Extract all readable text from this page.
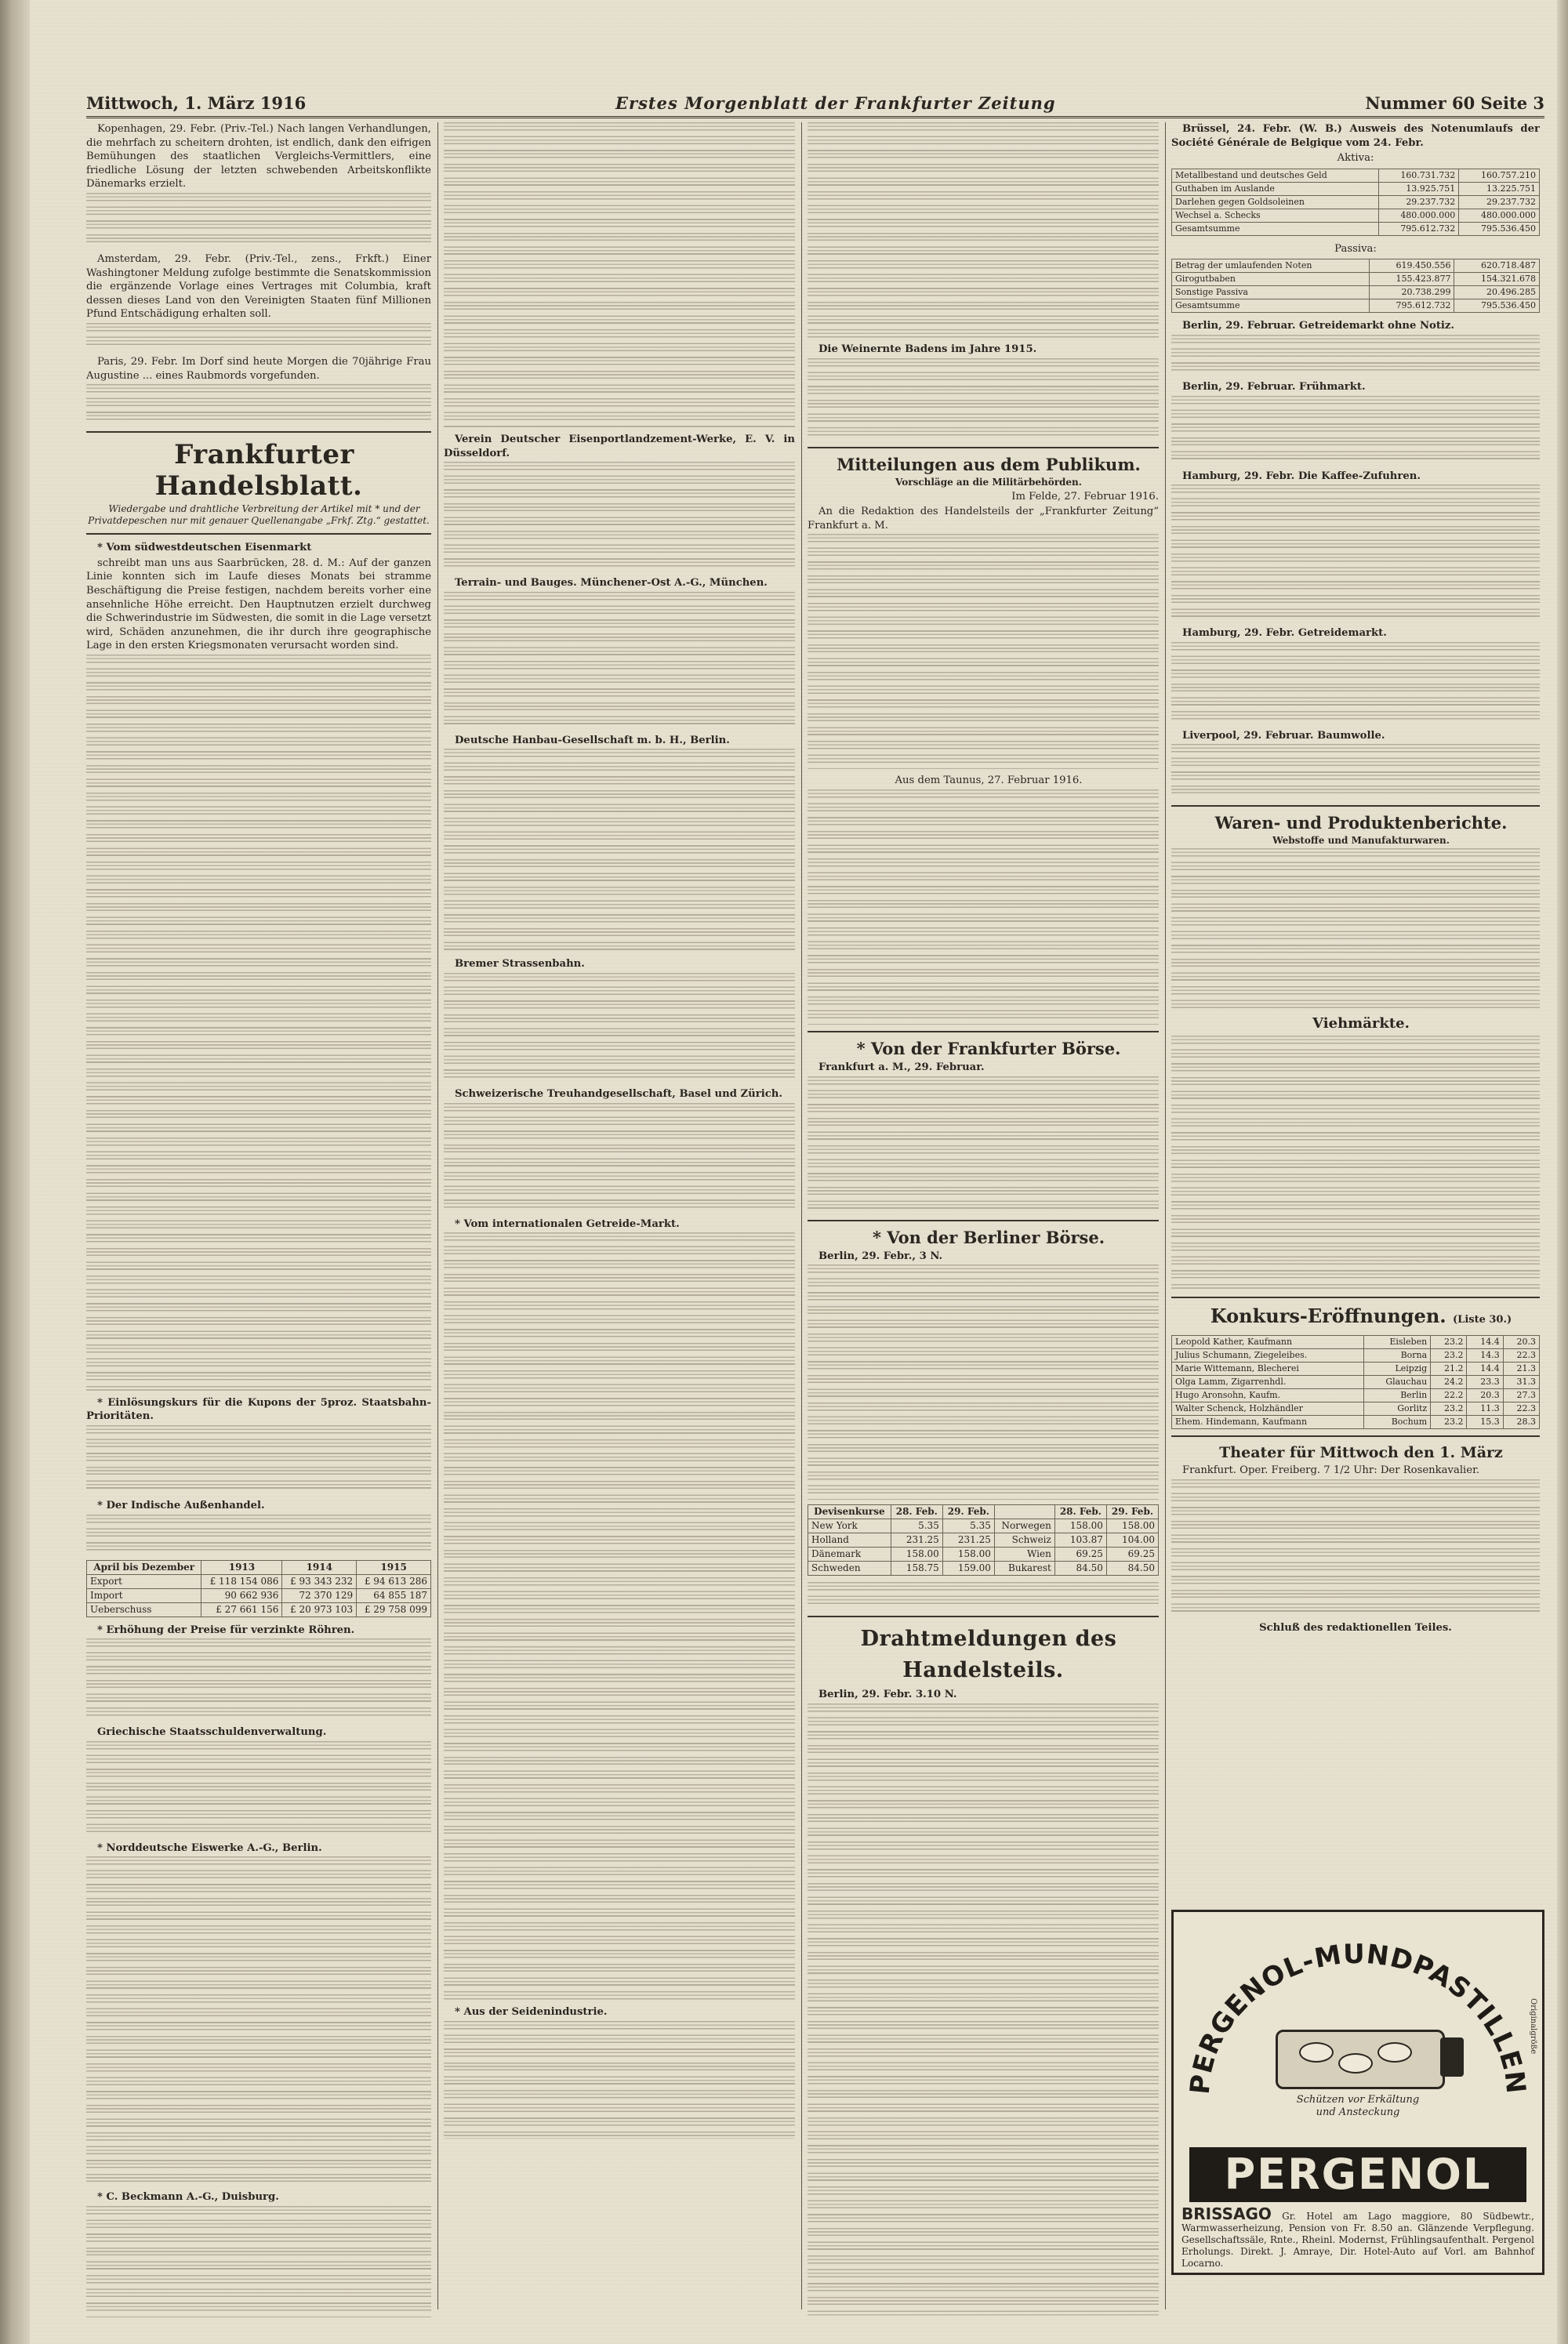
Mittwoch, 1. März 1916	Erstes Morgenblatt der Frankfurter Zeitung	Nummer 60 Seite 3

Kopenhagen, 29. Febr. (Priv.-Tel.) Nach langen Verhandlungen, die mehrfach zu scheitern drohten, ist endlich, dank den eifrigen Bemühungen des staatlichen Vergleichs-Vermittlers, eine friedliche Lösung der letzten schwebenden Arbeitskonflikte Dänemarks erzielt.

Amsterdam, 29. Febr. (Priv.-Tel., zens., Frkft.) Einer Washingtoner Meldung zufolge bestimmte die Senatskommission die ergänzende Vorlage eines Vertrages mit Columbia, kraft dessen dieses Land von den Vereinigten Staaten fünf Millionen Pfund Entschädigung erhalten soll.

Paris, 29. Febr. Im Dorf sind heute Morgen die 70jährige Frau Augustine ... eines Raubmords vorgefunden.

Frankfurter Handelsblatt.

Wiedergabe und drahtliche Verbreitung der Artikel mit * und der Privatdepeschen nur mit genauer Quellenangabe „Frkf. Ztg.“ gestattet.

* Vom südwestdeutschen Eisenmarkt

schreibt man uns aus Saarbrücken, 28. d. M.: Auf der ganzen Linie konnten sich im Laufe dieses Monats bei stramme Beschäftigung die Preise festigen, nachdem bereits vorher eine ansehnliche Höhe erreicht. Den Hauptnutzen erzielt durchweg die Schwerindustrie im Südwesten, die somit in die Lage versetzt wird, Schäden anzunehmen, die ihr durch ihre geographische Lage in den ersten Kriegsmonaten verursacht worden sind.

* Einlösungskurs für die Kupons der 5proz. Staatsbahn-Prioritäten.

* Der Indische Außenhandel.

April bis Dezember	1913	1914	1915
Export	£ 118 154 086	£ 93 343 232	£ 94 613 286
Import	90 662 936	72 370 129	64 855 187
Ueberschuss	£ 27 661 156	£ 20 973 103	£ 29 758 099

* Erhöhung der Preise für verzinkte Röhren.

Griechische Staatsschuldenverwaltung.

* Norddeutsche Eiswerke A.-G., Berlin.

* C. Beckmann A.-G., Duisburg.

Verein Deutscher Eisenportlandzement-Werke, E. V. in Düsseldorf.

Terrain- und Bauges. Münchener-Ost A.-G., München.

Deutsche Hanbau-Gesellschaft m. b. H., Berlin.

Bremer Strassenbahn.

Schweizerische Treuhandgesellschaft, Basel und Zürich.

* Vom internationalen Getreide-Markt.

* Aus der Seidenindustrie.

Die Weinernte Badens im Jahre 1915.

Mitteilungen aus dem Publikum.

Vorschläge an die Militärbehörden.

Im Felde, 27. Februar 1916.

An die Redaktion des Handelsteils der „Frankfurter Zeitung“ Frankfurt a. M.

Aus dem Taunus, 27. Februar 1916.

* Von der Frankfurter Börse.

Frankfurt a. M., 29. Februar.

* Von der Berliner Börse.

Berlin, 29. Febr., 3 N.

Devisenkurse	28. Feb.	29. Feb.		28. Feb.	29. Feb.
New York	5.35	5.35	Norwegen	158.00	158.00
Holland	231.25	231.25	Schweiz	103.87	104.00
Dänemark	158.00	158.00	Wien	69.25	69.25
Schweden	158.75	159.00	Bukarest	84.50	84.50

Drahtmeldungen des Handelsteils.

Berlin, 29. Febr. 3.10 N.

Brüssel, 24. Febr. (W. B.) Ausweis des Notenumlaufs der Société Générale de Belgique vom 24. Febr.

Aktiva:

Metallbestand und deutsches Geld	160.731.732	160.757.210
Guthaben im Auslande	13.925.751	13.225.751
Darlehen gegen Goldsoleinen	29.237.732	29.237.732
Wechsel a. Schecks	480.000.000	480.000.000
Gesamtsumme	795.612.732	795.536.450

Passiva:

Betrag der umlaufenden Noten	619.450.556	620.718.487
Girogutbaben	155.423.877	154.321.678
Sonstige Passiva	20.738.299	20.496.285
Gesamtsumme	795.612.732	795.536.450

Berlin, 29. Februar. Getreidemarkt ohne Notiz.

Berlin, 29. Februar. Frühmarkt.

Hamburg, 29. Febr. Die Kaffee-Zufuhren.

Hamburg, 29. Febr. Getreidemarkt.

Liverpool, 29. Februar. Baumwolle.

Waren- und Produktenberichte.

Webstoffe und Manufakturwaren.

Viehmärkte.

Konkurs-Eröffnungen. (Liste 30.)

Leopold Kather, Kaufmann	Eisleben	23.2	14.4	20.3
Julius Schumann, Ziegeleibes.	Borna	23.2	14.3	22.3
Marie Wittemann, Blecherei	Leipzig	21.2	14.4	21.3
Olga Lamm, Zigarrenhdl.	Glauchau	24.2	23.3	31.3
Hugo Aronsohn, Kaufm.	Berlin	22.2	20.3	27.3
Walter Schenck, Holzhändler	Gorlitz	23.2	11.3	22.3
Ehem. Hindemann, Kaufmann	Bochum	23.2	15.3	28.3

Theater für Mittwoch den 1. März

Frankfurt. Oper. Freiberg. 7 1/2 Uhr: Der Rosenkavalier.

Schluß des redaktionellen Teiles.

PERGENOL-MUNDPASTILLEN
Schützen vor Erkältung und Ansteckung
PERGENOL
Originalgröße
BRISSAGO Gr. Hotel am Lago maggiore, 80 Südbewtr., Warmwasserheizung, Pension von Fr. 8.50 an. Glänzende Verpflegung. Gesellschaftssäle, Rnte., Rheinl. Modernst, Frühlingsaufenthalt. Pergenol Erholungs. Direkt. J. Amraye, Dir. Hotel-Auto auf Vorl. am Bahnhof Locarno.
